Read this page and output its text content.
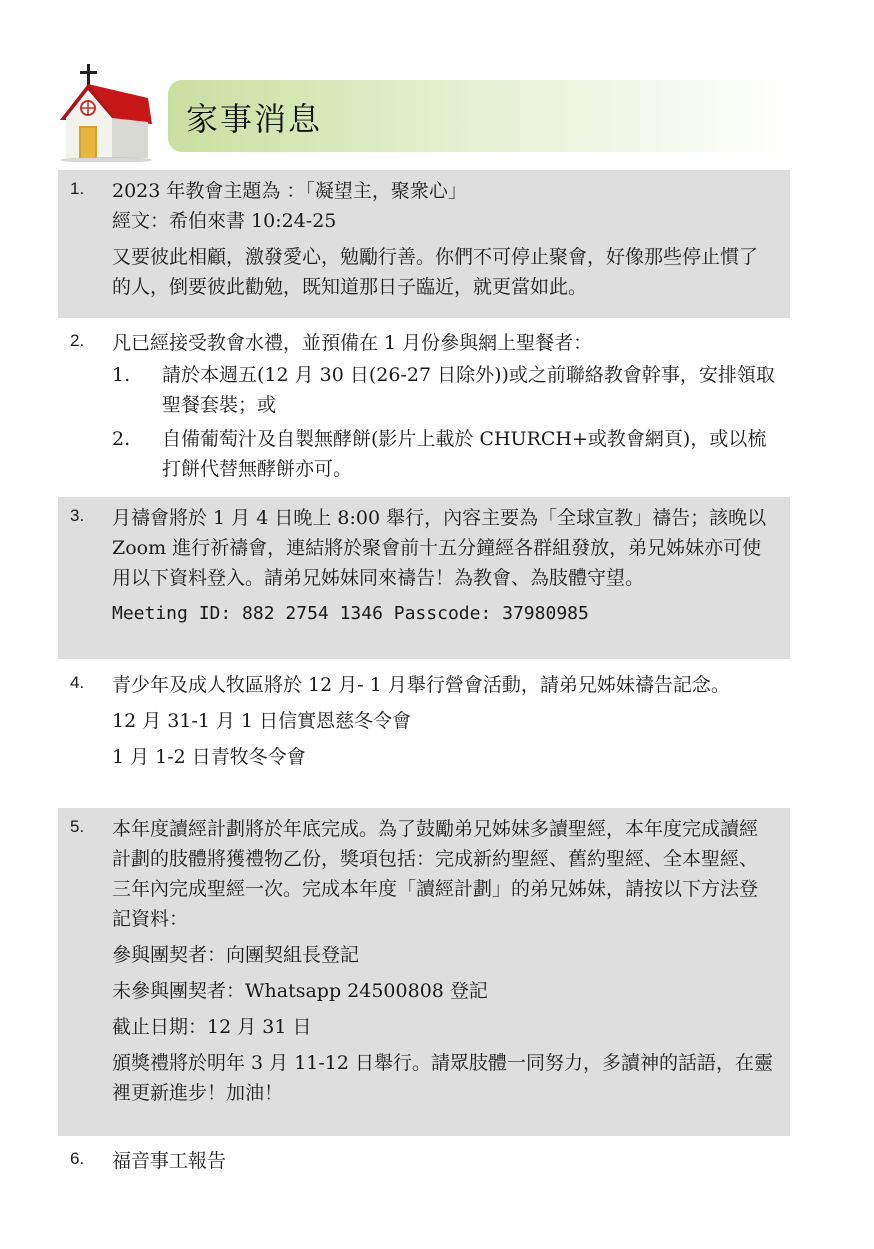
家事消息
1. 2023 年教會主題為 ：「凝望主，聚衆心」

經文：希伯來書 10:24-25

又要彼此相顧，激發愛心，勉勵行善。你們不可停止聚會，好像那些停止慣了的人，倒要彼此勸勉，既知道那日子臨近，就更當如此。

2. 凡已經接受教會水禮，並預備在 1 月份參與網上聖餐者：

1. 請於本週五(12 月 30 日(26-27 日除外))或之前聯絡教會幹事，安排領取聖餐套裝；或
2. 自備葡萄汁及自製無酵餅(影片上載於 CHURCH+或教會網頁)，或以梳打餅代替無酵餅亦可。
3. 月禱會將於 1 月 4 日晚上 8:00 舉行，內容主要為「全球宣教」禱告；該晚以 Zoom 進行祈禱會，連結將於聚會前十五分鐘經各群組發放，弟兄姊妹亦可使用以下資料登入。請弟兄姊妹同來禱告！為教會、為肢體守望。

Meeting ID: 882 2754 1346 Passcode: 37980985

4. 青少年及成人牧區將於 12 月- 1 月舉行營會活動，請弟兄姊妹禱告記念。

12 月 31-1 月 1 日信實恩慈冬令會

1 月 1-2 日青牧冬令會

5. 本年度讀經計劃將於年底完成。為了鼓勵弟兄姊妹多讀聖經，本年度完成讀經計劃的肢體將獲禮物乙份，獎項包括：完成新約聖經、舊約聖經、全本聖經、三年內完成聖經一次。完成本年度「讀經計劃」的弟兄姊妹，請按以下方法登記資料：

參與團契者：向團契組長登記

未參與團契者：Whatsapp 24500808 登記

截止日期：12 月 31 日

頒獎禮將於明年 3 月 11-12 日舉行。請眾肢體一同努力，多讀神的話語，在靈裡更新進步！加油！

6. 福音事工報告
